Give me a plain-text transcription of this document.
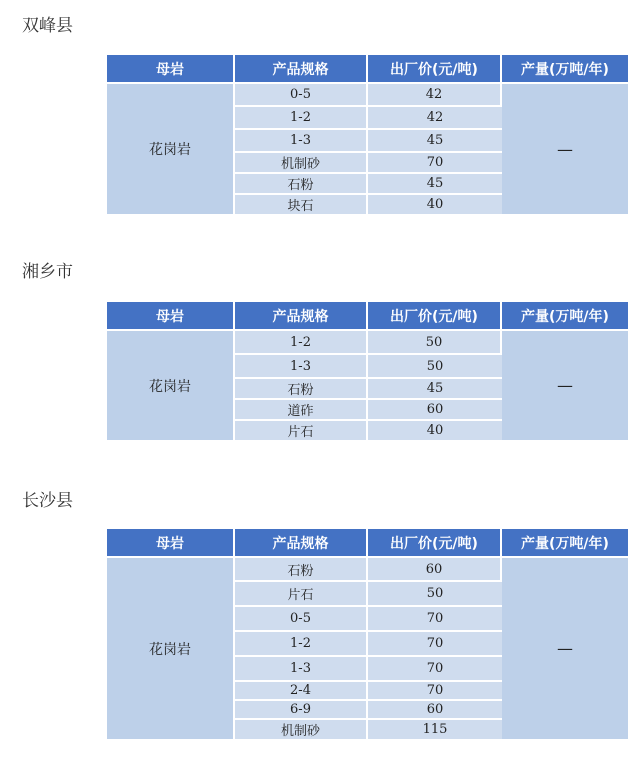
双峰县
母岩	产品规格	出厂价(元/吨)	产量(万吨/年)
花岗岩	0-5	42	—
	1-2	42	
	1-3	45	
	机制砂	70	
	石粉	45	
	块石	40	
湘乡市
母岩	产品规格	出厂价(元/吨)	产量(万吨/年)
花岗岩	1-2	50	—
	1-3	50	
	石粉	45	
	道砟	60	
	片石	40	
长沙县
母岩	产品规格	出厂价(元/吨)	产量(万吨/年)
花岗岩	石粉	60	—
	片石	50	
	0-5	70	
	1-2	70	
	1-3	70	
	2-4	70	
	6-9	60	
	机制砂	115	
